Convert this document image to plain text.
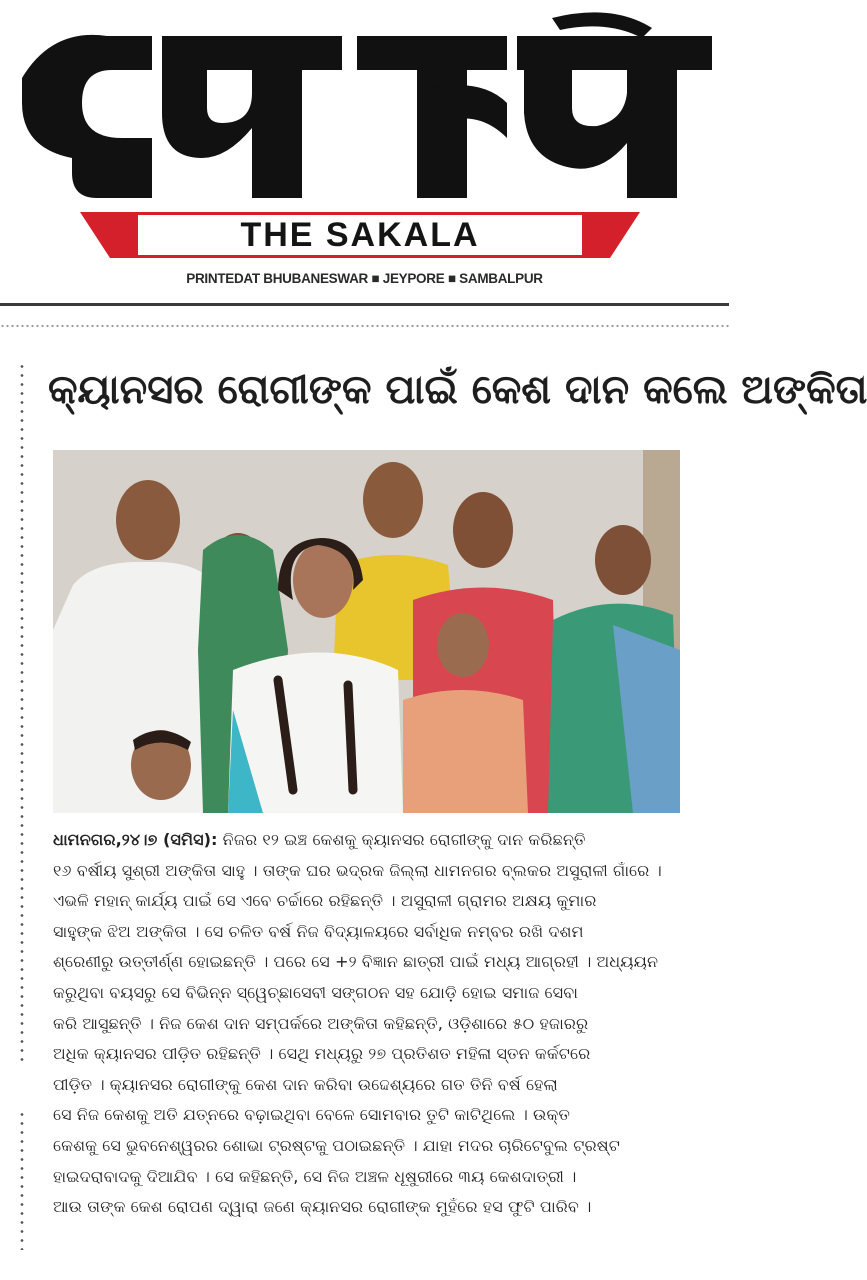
THE SAKALA
PRINTEDAT BHUBANESWAR ■ JEYPORE ■ SAMBALPUR
କ୍ୟାନସର ରୋଗୀଙ୍କ ପାଇଁ କେଶ ଦାନ କଲେ ଅଙ୍କିତା
ଧାମନଗର,୨୪।୭ (ସମିସ): ନିଜର ୧୨ ଇଞ୍ଚ କେଶକୁ କ୍ୟାନସର ରୋଗୀଙ୍କୁ ଦାନ କରିଛନ୍ତି
୧୬ ବର୍ଷୀୟ ସୁଶ୍ରୀ ଅଙ୍କିତା ସାହୁ । ତାଙ୍କ ଘର ଭଦ୍ରକ ଜିଲ୍ଲା ଧାମନଗର ବ୍ଲକର ଅସୁରାଳୀ ଗାଁରେ ।
ଏଭଳି ମହାନ୍ କାର୍ଯ୍ୟ ପାଇଁ ସେ ଏବେ ଚର୍ଚ୍ଚାରେ ରହିଛନ୍ତି । ଅସୁରାଳୀ ଗ୍ରାମର ଅକ୍ଷୟ କୁମାର
ସାହୁଙ୍କ ଝିଅ ଅଙ୍କିତା । ସେ ଚଳିତ ବର୍ଷ ନିଜ ବିଦ୍ୟାଳୟରେ ସର୍ବାଧିକ ନମ୍ବର ରଖି ଦଶମ
ଶ୍ରେଣୀରୁ ଉତ୍ତୀର୍ଣ୍ଣ ହୋଇଛନ୍ତି । ପରେ ସେ +୨ ବିଜ୍ଞାନ ଛାତ୍ରୀ ପାଇଁ ମଧ୍ୟ ଆଗ୍ରହୀ । ଅଧ୍ୟୟନ
କରୁଥିବା ବୟସରୁ ସେ ବିଭିନ୍ନ ସ୍ୱେଚ୍ଛାସେବୀ ସଙ୍ଗଠନ ସହ ଯୋଡ଼ି ହୋଇ ସମାଜ ସେବା
କରି ଆସୁଛନ୍ତି । ନିଜ କେଶ ଦାନ ସମ୍ପର୍କରେ ଅଙ୍କିତା କହିଛନ୍ତି, ଓଡ଼ିଶାରେ ୫୦ ହଜାରରୁ
ଅଧିକ କ୍ୟାନସର ପୀଡ଼ିତ ରହିଛନ୍ତି । ସେଥି ମଧ୍ୟରୁ ୨୭ ପ୍ରତିଶତ ମହିଳା ସ୍ତନ କର୍କଟରେ
ପୀଡ଼ିତ । କ୍ୟାନସର ରୋଗୀଙ୍କୁ କେଶ ଦାନ କରିବା ଉଦ୍ଦେଶ୍ୟରେ ଗତ ତିନି ବର୍ଷ ହେଲା
ସେ ନିଜ କେଶକୁ ଅତି ଯତ୍ନରେ ବଢ଼ାଇଥିବା ବେଳେ ସୋମବାର ତୁଟି କାଟିଥିଲେ । ଉକ୍ତ
କେଶକୁ ସେ ଭୁବନେଶ୍ୱରର ଶୋଭା ଟ୍ରଷ୍ଟକୁ ପଠାଇଛନ୍ତି । ଯାହା ମଦର ଚାରିଟେବୁଲ ଟ୍ରଷ୍ଟ
ହାଇଦରାବାଦକୁ ଦିଆଯିବ । ସେ କହିଛନ୍ତି, ସେ ନିଜ ଅଞ୍ଚଳ ଧୂଷୁରୀରେ ୩ୟ କେଶଦାତ୍ରୀ ।
ଆଉ ତାଙ୍କ କେଶ ରୋପଣ ଦ୍ୱାରା ଜଣେ କ୍ୟାନସର ରୋଗୀଙ୍କ ମୁହଁରେ ହସ ଫୁଟି ପାରିବ ।
